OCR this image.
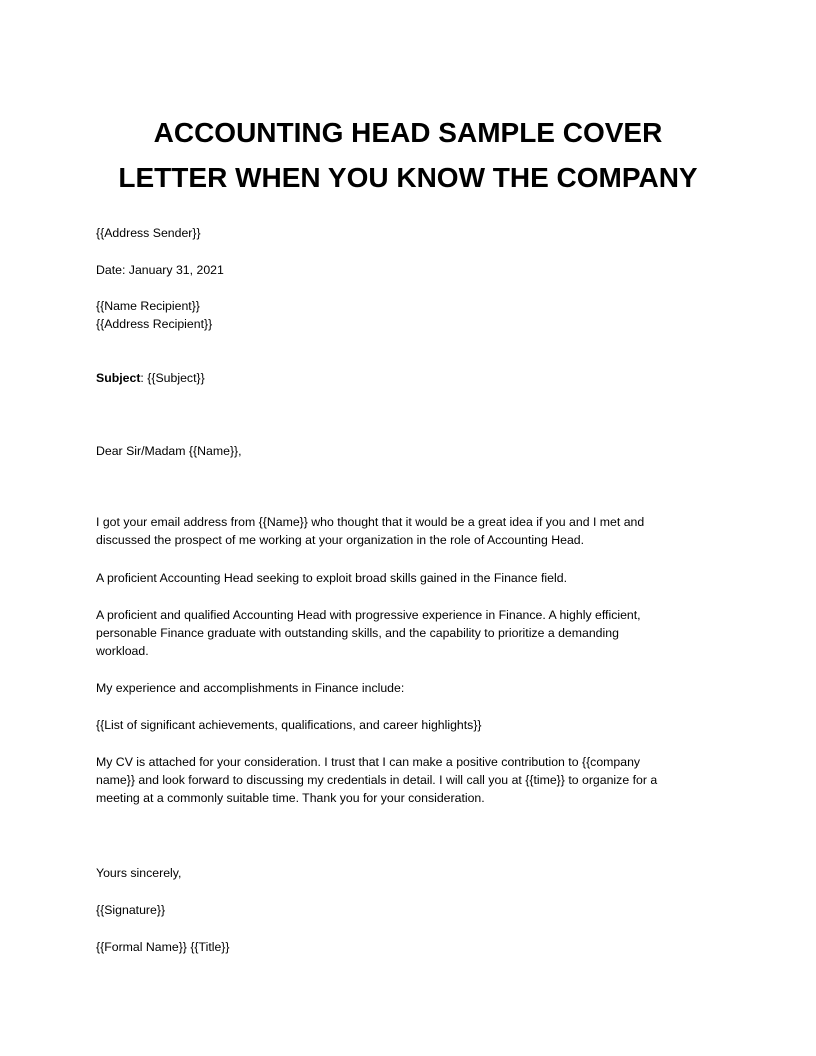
ACCOUNTING HEAD SAMPLE COVER
LETTER WHEN YOU KNOW THE COMPANY

{{Address Sender}}

Date: January 31, 2021

{{Name Recipient}}

{{Address Recipient}}

Subject: {{Subject}}

Dear Sir/Madam {{Name}},

I got your email address from {{Name}} who thought that it would be a great idea if you and I met and

discussed the prospect of me working at your organization in the role of Accounting Head.

A proficient Accounting Head seeking to exploit broad skills gained in the Finance field.

A proficient and qualified Accounting Head with progressive experience in Finance. A highly efficient,

personable Finance graduate with outstanding skills, and the capability to prioritize a demanding

workload.

My experience and accomplishments in Finance include:

{{List of significant achievements, qualifications, and career highlights}}

My CV is attached for your consideration. I trust that I can make a positive contribution to {{company

name}} and look forward to discussing my credentials in detail. I will call you at {{time}} to organize for a

meeting at a commonly suitable time. Thank you for your consideration.

Yours sincerely,

{{Signature}}

{{Formal Name}} {{Title}}
